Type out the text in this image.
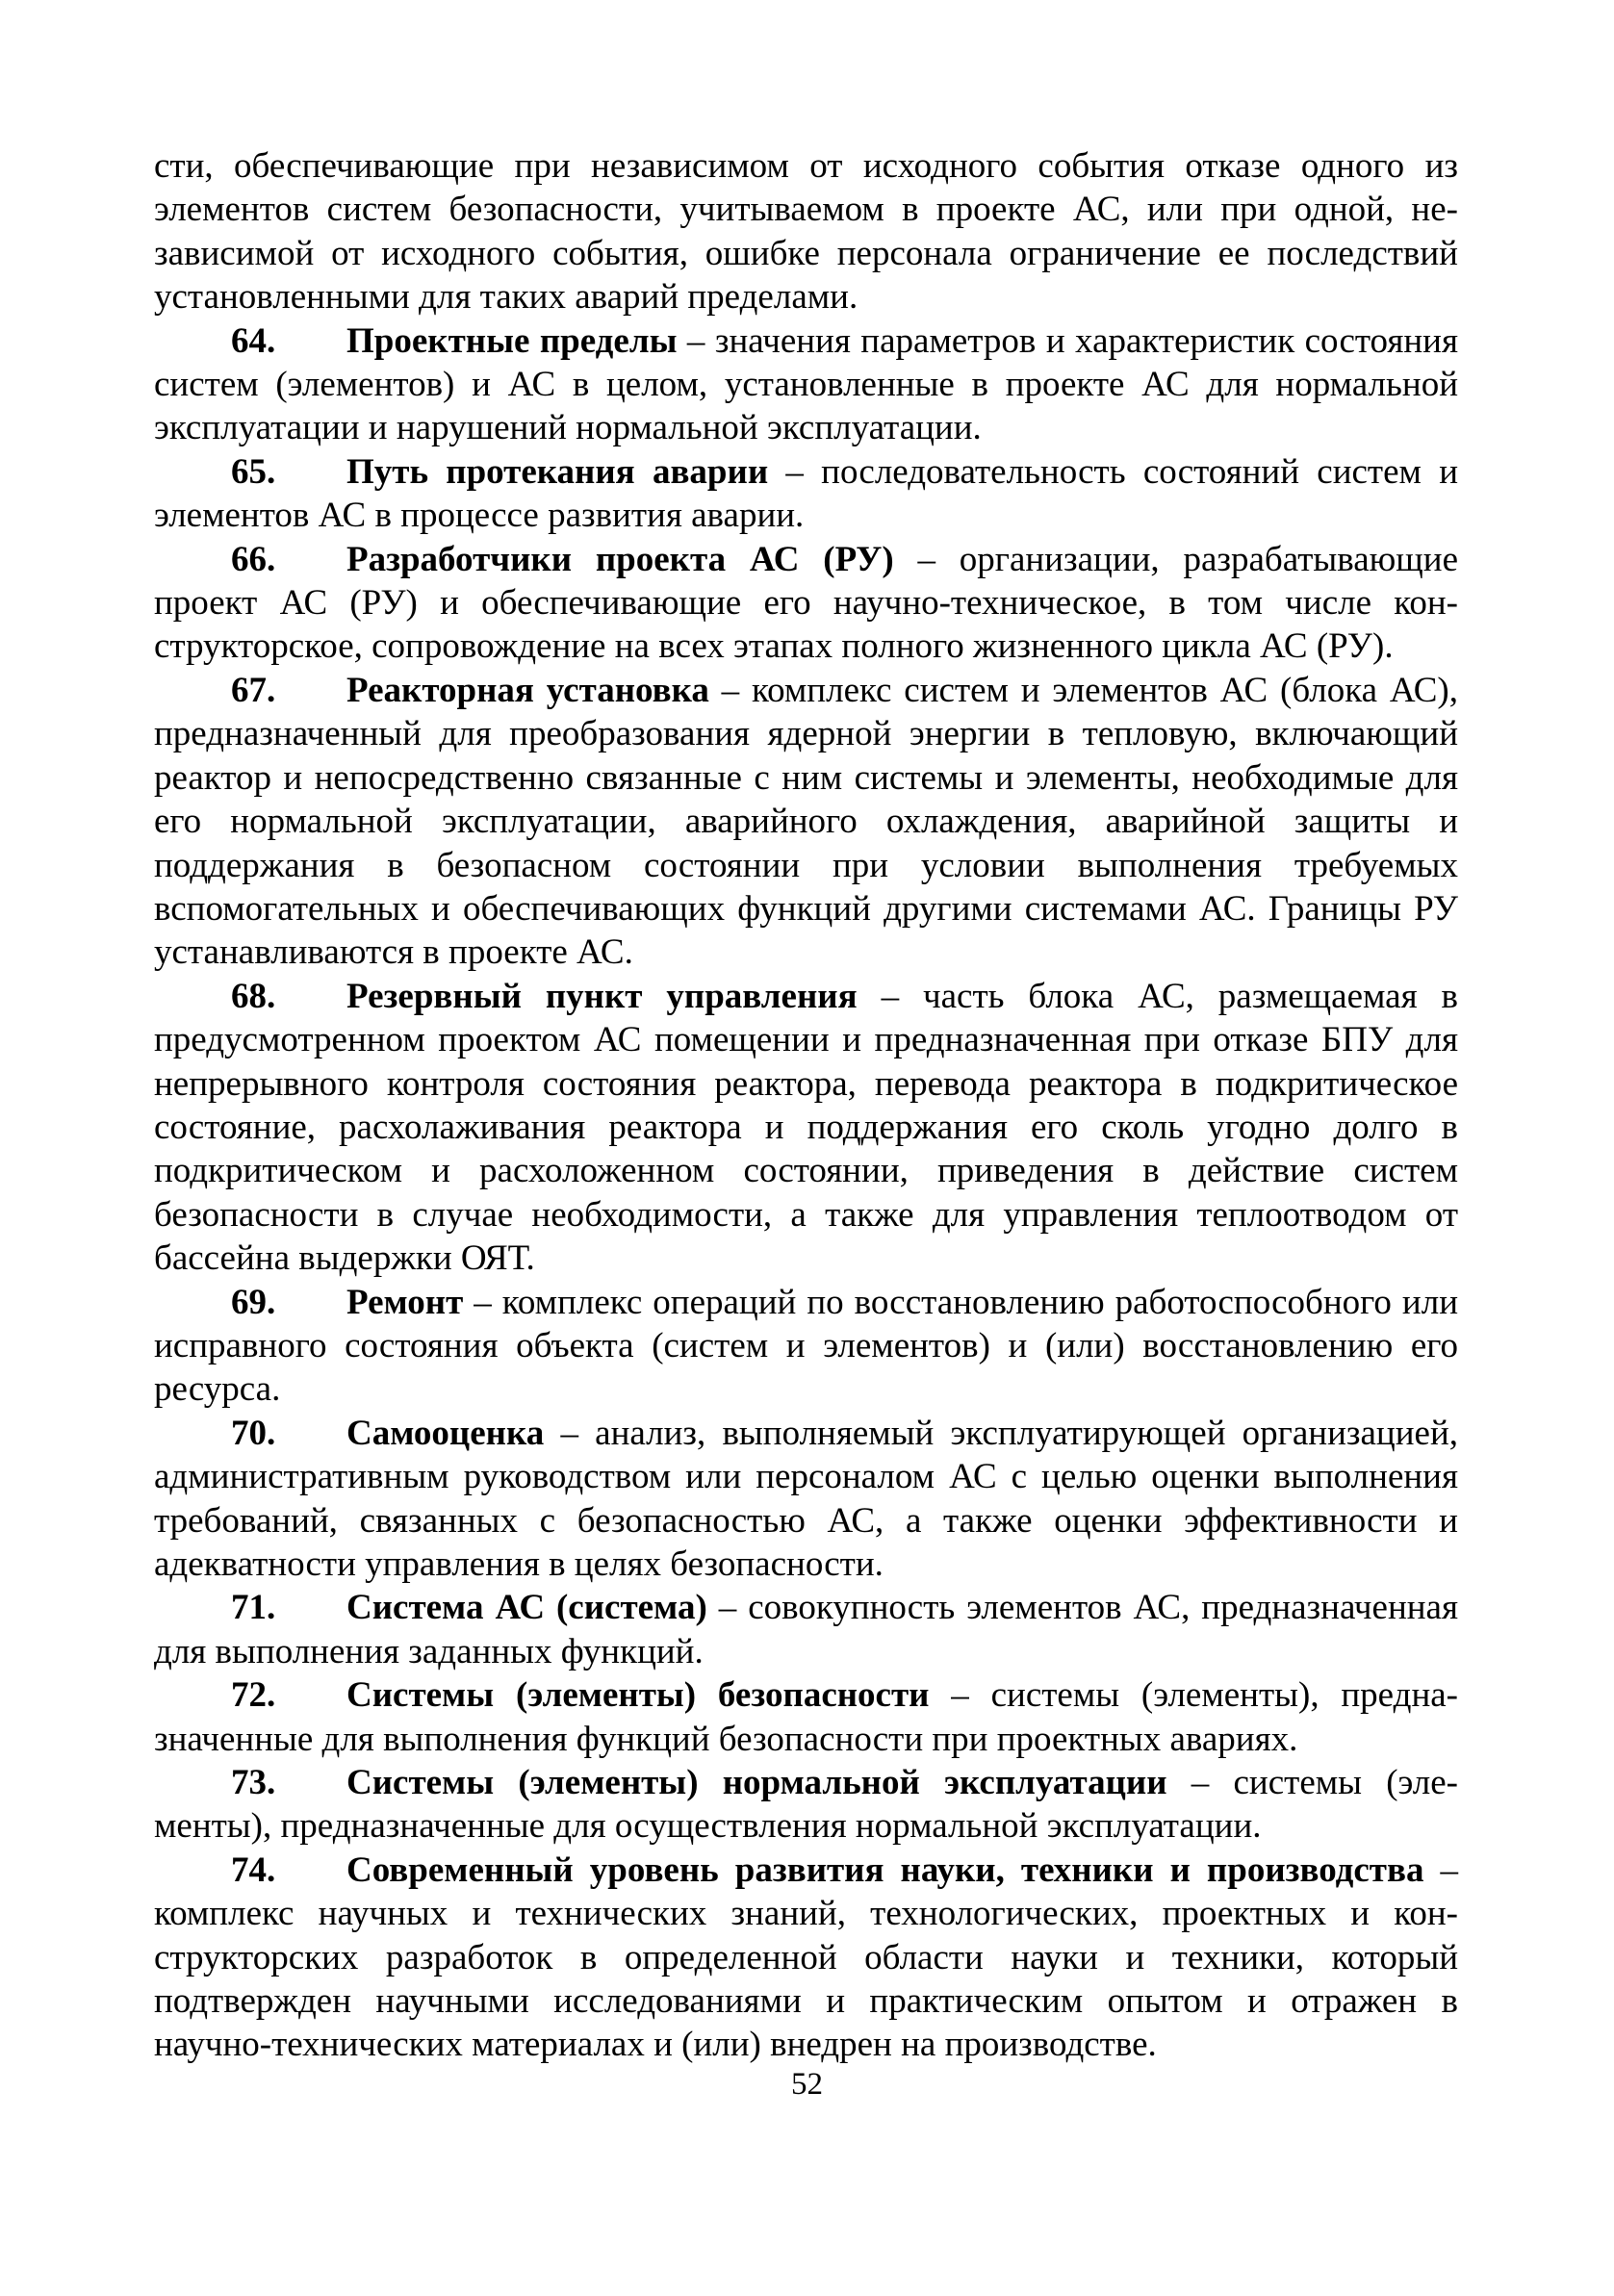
сти, обеспечивающие при независимом от исходного события отказе одного из элементов систем безопасности, учитываемом в проекте АС, или при одной, независимой от исходного события, ошибке персонала ограничение ее последствий установленными для таких аварий пределами.

64. Проектные пределы – значения параметров и характеристик состояния систем (элементов) и АС в целом, установленные в проекте АС для нормальной эксплуатации и нарушений нормальной эксплуатации.

65. Путь протекания аварии – последовательность состояний систем и элементов АС в процессе развития аварии.

66. Разработчики проекта АС (РУ) – организации, разрабатывающие проект АС (РУ) и обеспечивающие его научно-техническое, в том числе конструкторское, сопровождение на всех этапах полного жизненного цикла АС (РУ).

67. Реакторная установка – комплекс систем и элементов АС (блока АС), предназначенный для преобразования ядерной энергии в тепловую, включающий реактор и непосредственно связанные с ним системы и элементы, необходимые для его нормальной эксплуатации, аварийного охлаждения, аварийной защиты и поддержания в безопасном состоянии при условии выполнения требуемых вспомогательных и обеспечивающих функций другими системами АС. Границы РУ устанавливаются в проекте АС.

68. Резервный пункт управления – часть блока АС, размещаемая в предусмотренном проектом АС помещении и предназначенная при отказе БПУ для непрерывного контроля состояния реактора, перевода реактора в подкритическое состояние, расхолаживания реактора и поддержания его сколь угодно долго в подкритическом и расхоложенном состоянии, приведения в действие систем безопасности в случае необходимости, а также для управления теплоотводом от бассейна выдержки ОЯТ.

69. Ремонт – комплекс операций по восстановлению работоспособного или исправного состояния объекта (систем и элементов) и (или) восстановлению его ресурса.

70. Самооценка – анализ, выполняемый эксплуатирующей организацией, административным руководством или персоналом АС с целью оценки выполнения требований, связанных с безопасностью АС, а также оценки эффективности и адекватности управления в целях безопасности.

71. Система АС (система) – совокупность элементов АС, предназначенная для выполнения заданных функций.

72. Системы (элементы) безопасности – системы (элементы), предназначенные для выполнения функций безопасности при проектных авариях.

73. Системы (элементы) нормальной эксплуатации – системы (элементы), предназначенные для осуществления нормальной эксплуатации.

74. Современный уровень развития науки, техники и производства – комплекс научных и технических знаний, технологических, проектных и конструкторских разработок в определенной области науки и техники, который подтвержден научными исследованиями и практическим опытом и отражен в научно-технических материалах и (или) внедрен на производстве.

52
